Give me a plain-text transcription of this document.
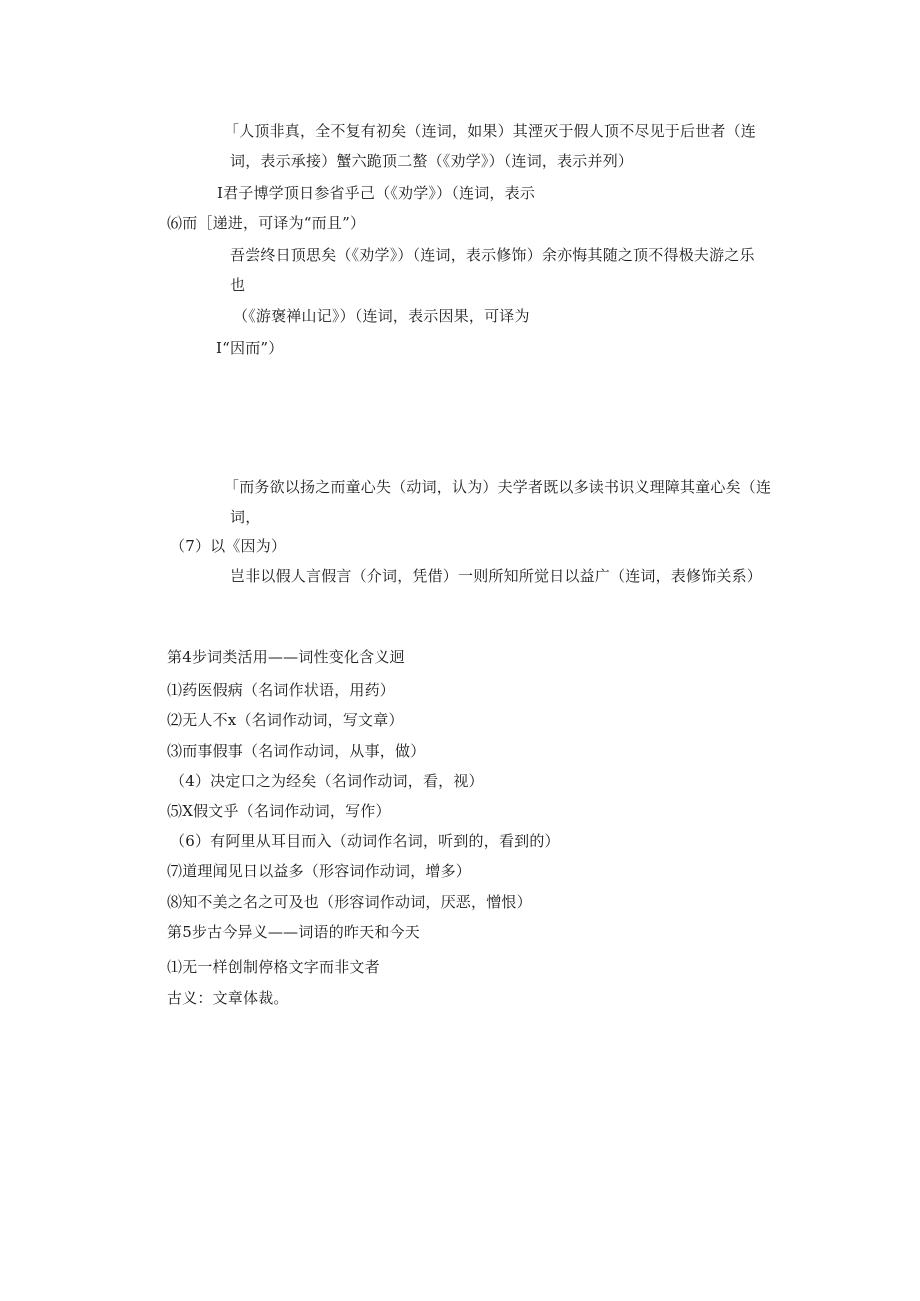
「人顶非真，全不复有初矣（连词，如果）其湮灭于假人顶不尽见于后世者（连
词，表示承接）蟹六跪顶二螯（《劝学》）（连词，表示并列）
I君子博学顶日参省乎己（《劝学》）（连词，表示
⑹而［递进，可译为“而且”）
吾尝终日顶思矣（《劝学》）（连词，表示修饰）余亦悔其随之顶不得极夫游之乐
也
（《游褒禅山记》）（连词，表示因果，可译为
I“因而”）
「而务欲以扬之而童心失（动词，认为）夫学者既以多读书识义理障其童心矣（连
词，
（7）以《因为）
岂非以假人言假言（介词，凭借）一则所知所觉日以益广（连词，表修饰关系）
第4步词类活用——词性变化含义迥
⑴药医假病（名词作状语，用药）
⑵无人不x（名词作动词，写文章）
⑶而事假事（名词作动词，从事，做）
（4）决定口之为经矣（名词作动词，看，视）
⑸X假文乎（名词作动词，写作）
（6）有阿里从耳目而入（动词作名词，听到的，看到的）
⑺道理闻见日以益多（形容词作动词，增多）
⑻知不美之名之可及也（形容词作动词，厌恶，憎恨）
第5步古今异义——词语的昨天和今天
⑴无一样创制停格文字而非文者
古义：文章体裁。
